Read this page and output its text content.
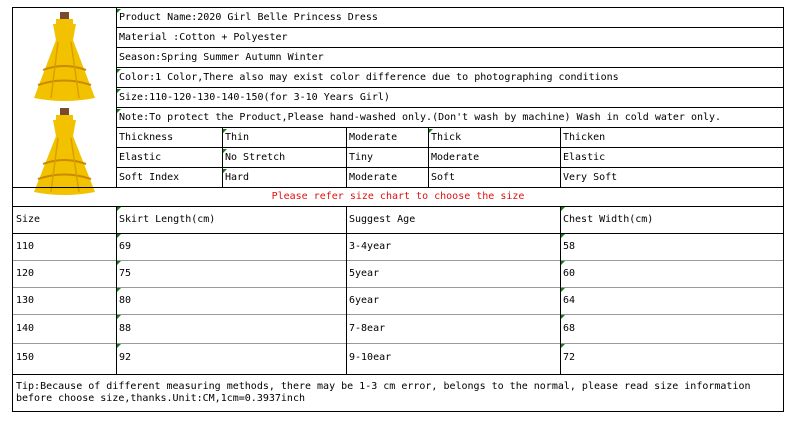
Product Name:2020 Girl Belle Princess Dress
Material :Cotton + Polyester
Season:Spring Summer Autumn Winter
Color:1 Color,There also may exist color difference due to photographing conditions
Size:110-120-130-140-150(for 3-10 Years Girl)
Note:To protect the Product,Please hand-washed only.(Don't wash by machine) Wash in cold water only.
Thickness	Thin	Moderate	Thick	Thicken
Elastic	No Stretch	Tiny	Moderate	Elastic
Soft Index	Hard	Moderate	Soft	Very Soft
Please refer size chart to choose the size
Size	Skirt Length(cm)	Suggest Age	Chest Width(cm)
110	69	3-4year	58
120	75	5year	60
130	80	6year	64
140	88	7-8ear	68
150	92	9-10ear	72
Tip:Because of different measuring methods, there may be 1-3 cm error, belongs to the normal, please read size information before choose size,thanks.Unit:CM,1cm=0.3937inch
